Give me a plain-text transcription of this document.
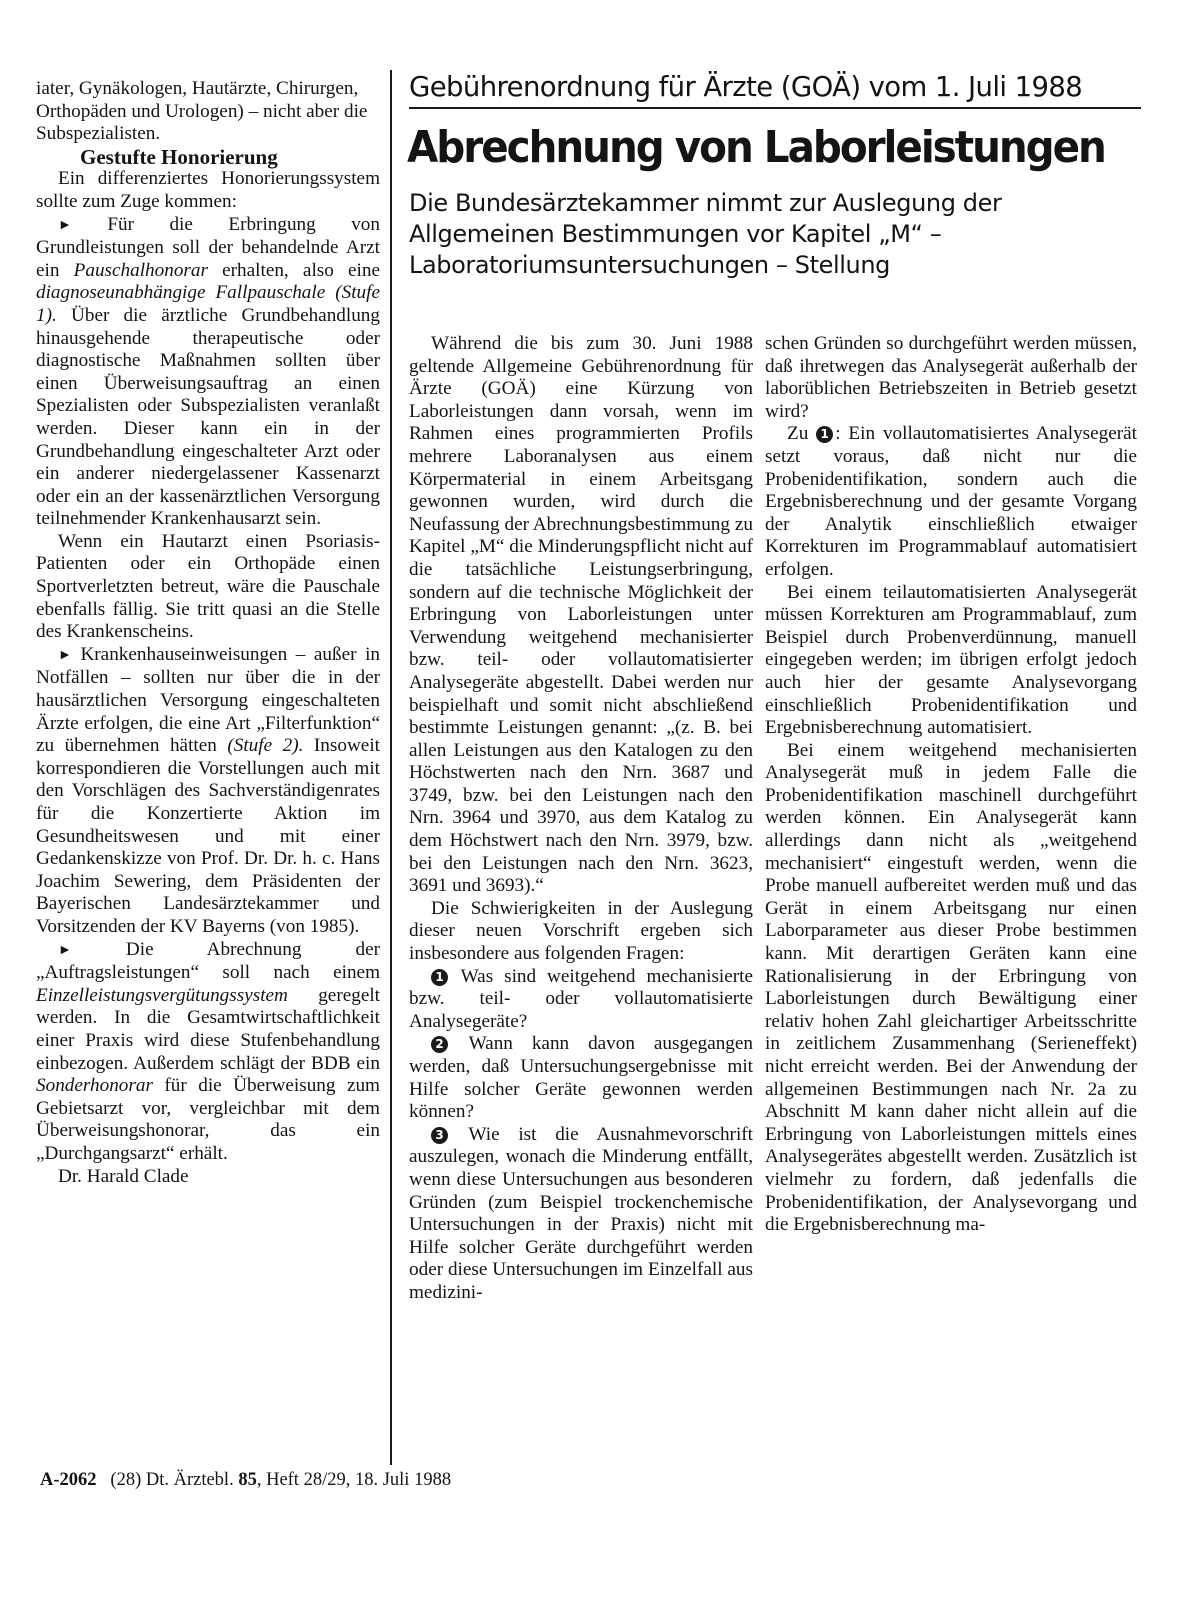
iater, Gynäkologen, Hautärzte, Chirurgen, Orthopäden und Urologen) – nicht aber die Subspezialisten.

Gestufte Honorierung

Ein differenziertes Honorierungssystem sollte zum Zuge kommen:

► Für die Erbringung von Grundleistungen soll der behandelnde Arzt ein Pauschalhonorar erhalten, also eine diagnoseunabhängige Fallpauschale (Stufe 1). Über die ärztliche Grundbehandlung hinausgehende therapeutische oder diagnostische Maßnahmen sollten über einen Überweisungsauftrag an einen Spezialisten oder Subspezialisten veranlaßt werden. Dieser kann ein in der Grundbehandlung eingeschalteter Arzt oder ein anderer niedergelassener Kassenarzt oder ein an der kassenärztlichen Versorgung teilnehmender Krankenhausarzt sein.

Wenn ein Hautarzt einen Psoriasis-Patienten oder ein Orthopäde einen Sportverletzten betreut, wäre die Pauschale ebenfalls fällig. Sie tritt quasi an die Stelle des Krankenscheins.

► Krankenhauseinweisungen – außer in Notfällen – sollten nur über die in der hausärztlichen Versorgung eingeschalteten Ärzte erfolgen, die eine Art „Filterfunktion“ zu übernehmen hätten (Stufe 2). Insoweit korrespondieren die Vorstellungen auch mit den Vorschlägen des Sachverständigenrates für die Konzertierte Aktion im Gesundheitswesen und mit einer Gedankenskizze von Prof. Dr. Dr. h. c. Hans Joachim Sewering, dem Präsidenten der Bayerischen Landesärztekammer und Vorsitzenden der KV Bayerns (von 1985).

►	Die Abrechnung der „Auftragsleistungen“ soll nach einem Einzelleistungsvergütungssystem geregelt werden. In die Gesamtwirtschaftlichkeit einer Praxis wird diese Stufenbehandlung einbezogen. Außerdem schlägt der BDB ein Sonderhonorar für die Überweisung zum Gebietsarzt vor, vergleichbar mit dem Überweisungshonorar, das ein „Durchgangsarzt“ erhält.

Dr. Harald Clade

Gebührenordnung für Ärzte (GOÄ) vom 1. Juli 1988

Abrechnung von Laborleistungen

Die Bundesärztekammer nimmt zur Auslegung der Allgemeinen Bestimmungen vor Kapitel „M“ – Laboratoriumsuntersuchungen – Stellung

Während die bis zum 30. Juni 1988 geltende Allgemeine Gebührenordnung für Ärzte (GOÄ) eine Kürzung von Laborleistungen dann vorsah, wenn im Rahmen eines programmierten Profils mehrere Laboranalysen aus einem Körpermaterial in einem Arbeitsgang gewonnen wurden, wird durch die Neufassung der Abrechnungsbestimmung zu Kapitel „M“ die Minderungspflicht nicht auf die tatsächliche Leistungserbringung, sondern auf die technische Möglichkeit der Erbringung von Laborleistungen unter Verwendung weitgehend mechanisierter bzw. teil- oder vollautomatisierter Analysegeräte abgestellt. Dabei werden nur beispielhaft und somit nicht abschließend bestimmte Leistungen genannt: „(z. B. bei allen Leistungen aus den Katalogen zu den Höchstwerten nach den Nrn. 3687 und 3749, bzw. bei den Leistungen nach den Nrn. 3964 und 3970, aus dem Katalog zu dem Höchstwert nach den Nrn. 3979, bzw. bei den Leistungen nach den Nrn. 3623, 3691 und 3693).“

Die Schwierigkeiten in der Auslegung dieser neuen Vorschrift ergeben sich insbesondere aus folgenden Fragen:

1 Was sind weitgehend mechanisierte bzw. teil- oder vollautomatisierte Analysegeräte?

2 Wann kann davon ausgegangen werden, daß Untersuchungsergebnisse mit Hilfe solcher Geräte gewonnen werden können?

3 Wie ist die Ausnahmevorschrift auszulegen, wonach die Minderung entfällt, wenn diese Untersuchungen aus besonderen Gründen (zum Beispiel trockenchemische Untersuchungen in der Praxis) nicht mit Hilfe solcher Geräte durchgeführt werden oder diese Untersuchungen im Einzelfall aus medizini-

schen Gründen so durchgeführt werden müssen, daß ihretwegen das Analysegerät außerhalb der laborüblichen Betriebszeiten in Betrieb gesetzt wird?

Zu 1 : Ein vollautomatisiertes Analysegerät setzt voraus, daß nicht nur die Probenidentifikation, sondern auch die Ergebnisberechnung und der gesamte Vorgang der Analytik einschließlich etwaiger Korrekturen im Programmablauf automatisiert erfolgen.

Bei einem teilautomatisierten Analysegerät müssen Korrekturen am Programmablauf, zum Beispiel durch Probenverdünnung, manuell eingegeben werden; im übrigen erfolgt jedoch auch hier der gesamte Analysevorgang einschließlich Probenidentifikation und Ergebnisberechnung automatisiert.

Bei einem weitgehend mechanisierten Analysegerät muß in jedem Falle die Probenidentifikation maschinell durchgeführt werden können. Ein Analysegerät kann allerdings dann nicht als „weitgehend mechanisiert“ eingestuft werden, wenn die Probe manuell aufbereitet werden muß und das Gerät in einem Arbeitsgang nur einen Laborparameter aus dieser Probe bestimmen kann. Mit derartigen Geräten kann eine Rationalisierung in der Erbringung von Laborleistungen durch Bewältigung einer relativ hohen Zahl gleichartiger Arbeitsschritte in zeitlichem Zusammenhang (Serieneffekt) nicht erreicht werden. Bei der Anwendung der allgemeinen Bestimmungen nach Nr. 2a zu Abschnitt M kann daher nicht allein auf die Erbringung von Laborleistungen mittels eines Analysegerätes abgestellt werden. Zusätzlich ist vielmehr zu fordern, daß jedenfalls die Probenidentifikation, der Analysevorgang und die Ergebnisberechnung ma-

A-2062 (28) Dt. Ärztebl. 85, Heft 28/29, 18. Juli 1988
